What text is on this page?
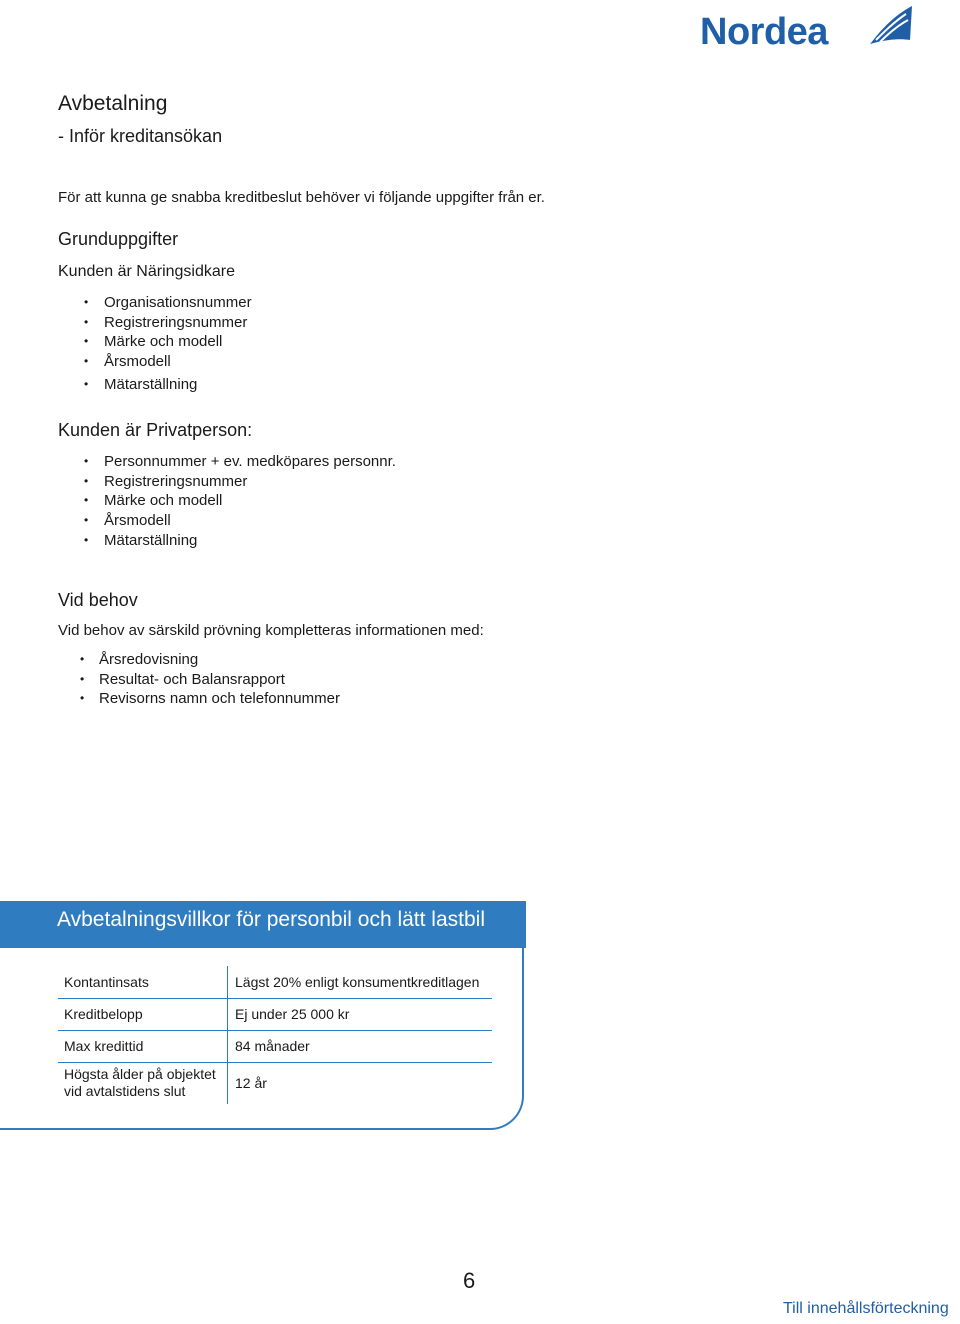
Nordea
Avbetalning
- Inför kreditansökan
För att kunna ge snabba kreditbeslut behöver vi följande uppgifter från er.
Grunduppgifter
Kunden är Näringsidkare
• Organisationsnummer
• Registreringsnummer
• Märke och modell
• Årsmodell
• Mätarställning
Kunden är Privatperson:
• Personnummer + ev. medköpares personnr.
• Registreringsnummer
• Märke och modell
• Årsmodell
• Mätarställning
Vid behov
Vid behov av särskild prövning kompletteras informationen med:
• Årsredovisning
• Resultat- och Balansrapport
• Revisorns namn och telefonnummer
Avbetalningsvillkor för personbil och lätt lastbil
Kontantinsats	Lägst 20% enligt konsumentkreditlagen
Kreditbelopp	Ej under 25 000 kr
Max kredittid	84 månader
Högsta ålder på objektet vid avtalstidens slut	12 år
6
Till innehållsförteckning
